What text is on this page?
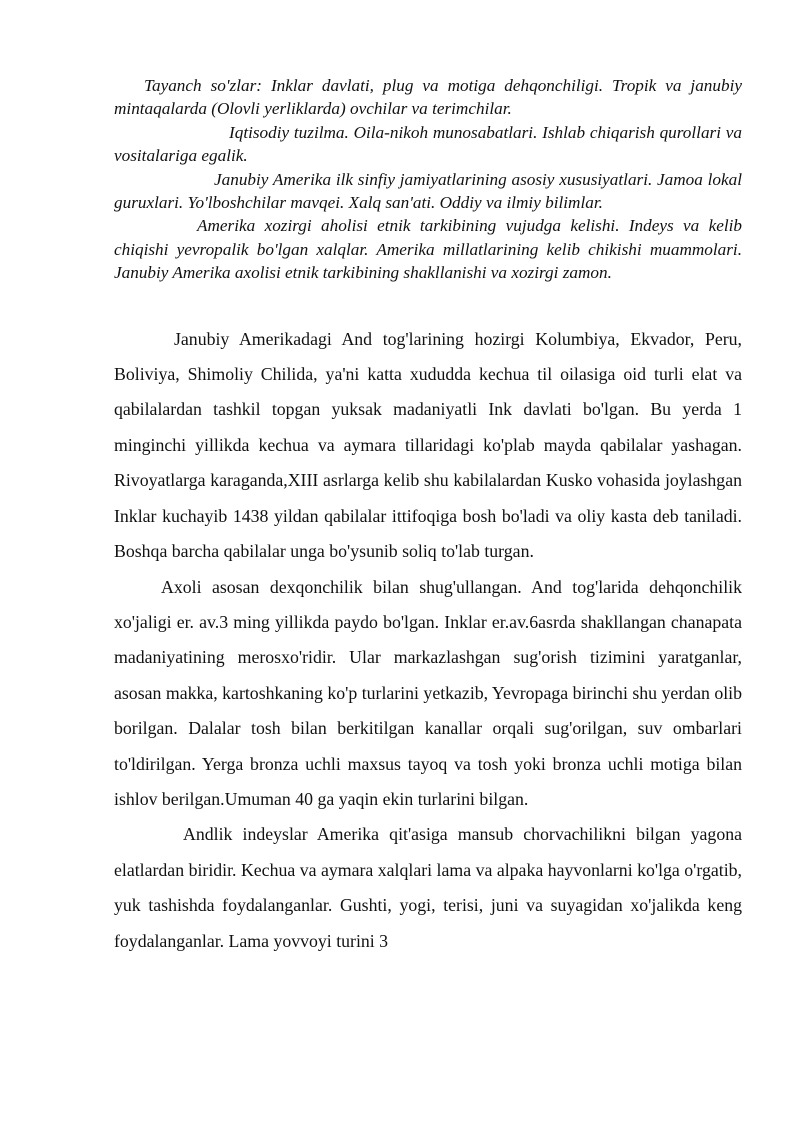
Tayanch so'zlar: Inklar davlati, plug va motiga dehqonchiligi. Tropik va janubiy mintaqalarda (Olovli yerliklarda) ovchilar va terimchilar.

Iqtisodiy tuzilma. Oila-nikoh munosabatlari. Ishlab chiqarish qurollari va vositalariga egalik.

Janubiy Amerika ilk sinfiy jamiyatlarining asosiy xususiyatlari. Jamoa lokal guruxlari. Yo'lboshchilar mavqei. Xalq san'ati. Oddiy va ilmiy bilimlar.

Amerika xozirgi aholisi etnik tarkibining vujudga kelishi. Indeys va kelib chiqishi yevropalik bo'lgan xalqlar. Amerika millatlarining kelib chikishi muammolari. Janubiy Amerika axolisi etnik tarkibining shakllanishi va xozirgi zamon.

Janubiy Amerikadagi And tog'larining hozirgi Kolumbiya, Ekvador, Peru, Boliviya, Shimoliy Chilida, ya'ni katta xududda kechua til oilasiga oid turli elat va qabilalardan tashkil topgan yuksak madaniyatli Ink davlati bo'lgan. Bu yerda 1 minginchi yillikda kechua va aymara tillaridagi ko'plab mayda qabilalar yashagan. Rivoyatlarga karaganda,XIII asrlarga kelib shu kabilalardan Kusko vohasida joylashgan Inklar kuchayib 1438 yildan qabilalar ittifoqiga bosh bo'ladi va oliy kasta deb taniladi. Boshqa barcha qabilalar unga bo'ysunib soliq to'lab turgan.

Axoli asosan dexqonchilik bilan shug'ullangan. And tog'larida dehqonchilik xo'jaligi er. av.3 ming yillikda paydo bo'lgan. Inklar er.av.6asrda shakllangan chanapata madaniyatining merosxo'ridir. Ular markazlashgan sug'orish tizimini yaratganlar, asosan makka, kartoshkaning ko'p turlarini yetkazib, Yevropaga birinchi shu yerdan olib borilgan. Dalalar tosh bilan berkitilgan kanallar orqali sug'orilgan, suv ombarlari to'ldirilgan. Yerga bronza uchli maxsus tayoq va tosh yoki bronza uchli motiga bilan ishlov berilgan.Umuman 40 ga yaqin ekin turlarini bilgan.

Andlik indeyslar Amerika qit'asiga mansub chorvachilikni bilgan yagona elatlardan biridir. Kechua va aymara xalqlari lama va alpaka hayvonlarni ko'lga o'rgatib, yuk tashishda foydalanganlar. Gushti, yogi, terisi, juni va suyagidan xo'jalikda keng foydalanganlar. Lama yovvoyi turini 3
